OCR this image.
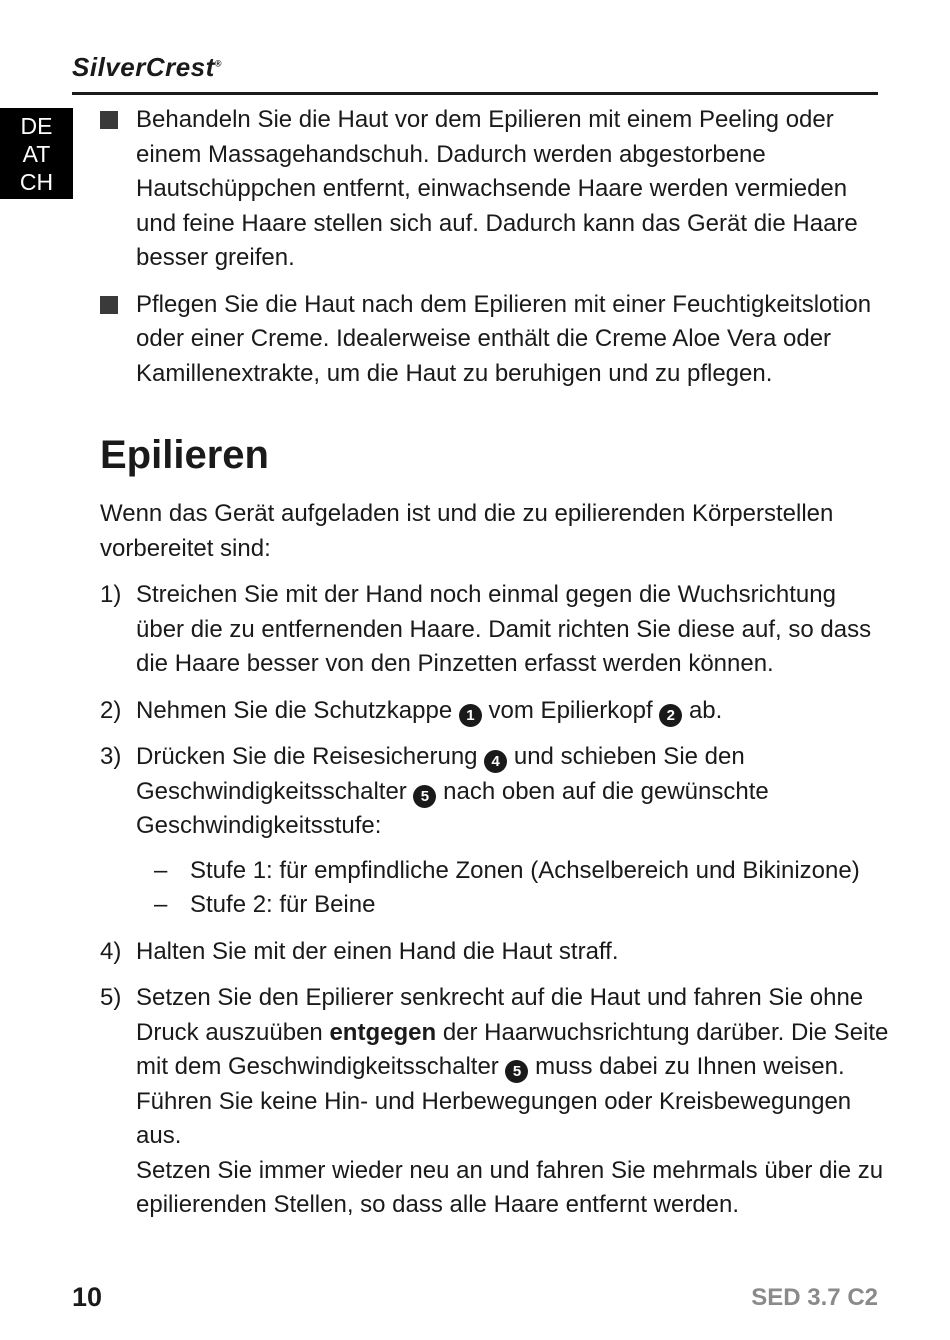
SilverCrest®
DE
AT
CH
Behandeln Sie die Haut vor dem Epilieren mit einem Peeling oder einem Massagehandschuh. Dadurch werden abgestorbene Hautschüppchen entfernt, einwachsende Haare werden vermieden und feine Haare stellen sich auf. Dadurch kann das Gerät die Haare besser greifen.
Pflegen Sie die Haut nach dem Epilieren mit einer Feuchtigkeitslotion oder einer Creme. Idealerweise enthält die Creme Aloe Vera oder Kamillenextrakte, um die Haut zu beruhigen und zu pflegen.
Epilieren
Wenn das Gerät aufgeladen ist und die zu epilierenden Körperstellen vorbereitet sind:
1) Streichen Sie mit der Hand noch einmal gegen die Wuchsrichtung über die zu entfernenden Haare. Damit richten Sie diese auf, so dass die Haare besser von den Pinzetten erfasst werden können.
2) Nehmen Sie die Schutzkappe 1 vom Epilierkopf 2 ab.
3) Drücken Sie die Reisesicherung 4 und schieben Sie den Geschwindigkeitsschalter 5 nach oben auf die gewünschte Geschwindigkeitsstufe:
– Stufe 1: für empfindliche Zonen (Achselbereich und Bikinizone)
– Stufe 2: für Beine
4) Halten Sie mit der einen Hand die Haut straff.
5) Setzen Sie den Epilierer senkrecht auf die Haut und fahren Sie ohne Druck auszuüben entgegen der Haarwuchsrichtung darüber. Die Seite mit dem Geschwindigkeitsschalter 5 muss dabei zu Ihnen weisen. Führen Sie keine Hin- und Herbewegungen oder Kreisbewegungen aus.
Setzen Sie immer wieder neu an und fahren Sie mehrmals über die zu epilierenden Stellen, so dass alle Haare entfernt werden.
10	SED 3.7 C2
